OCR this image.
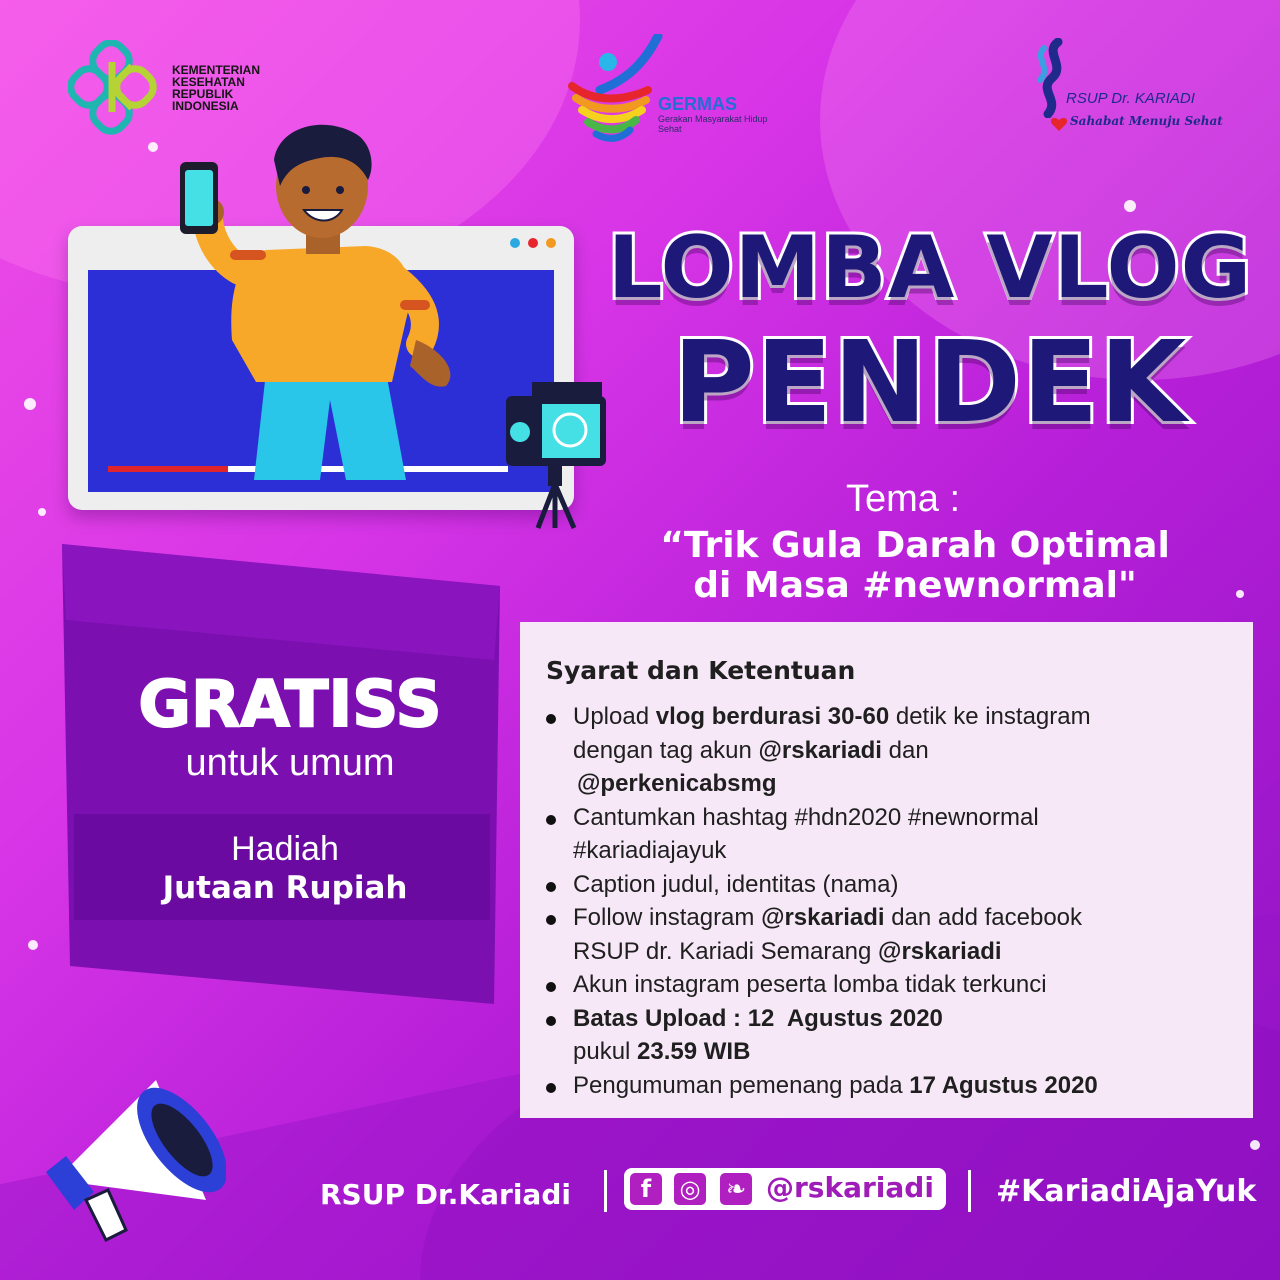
KEMENTERIAN
KESEHATAN
REPUBLIK
INDONESIA	GERMAS
Gerakan Masyarakat Hidup Sehat
RSUP Dr. KARIADI
Sahabat Menuju Sehat
LOMBA VLOG
PENDEK
Tema :
“Trik Gula Darah Optimal
di Masa #newnormal"
GRATISS
untuk umum
Hadiah
Jutaan Rupiah
Syarat dan Ketentuan
Upload vlog berdurasi 30-60 detik ke instagram
dengan tag akun @rskariadi dan
@perkenicabsmg
Cantumkan hashtag #hdn2020 #newnormal
#kariadiajayuk
Caption judul, identitas (nama)
Follow instagram @rskariadi dan add facebook
RSUP dr. Kariadi Semarang @rskariadi
Akun instagram peserta lomba tidak terkunci
Batas Upload : 12  Agustus 2020
pukul 23.59 WIB
Pengumuman pemenang pada 17 Agustus 2020
RSUP Dr.Kariadi	f	◎ ❧ @rskariadi #KariadiAjaYuk
